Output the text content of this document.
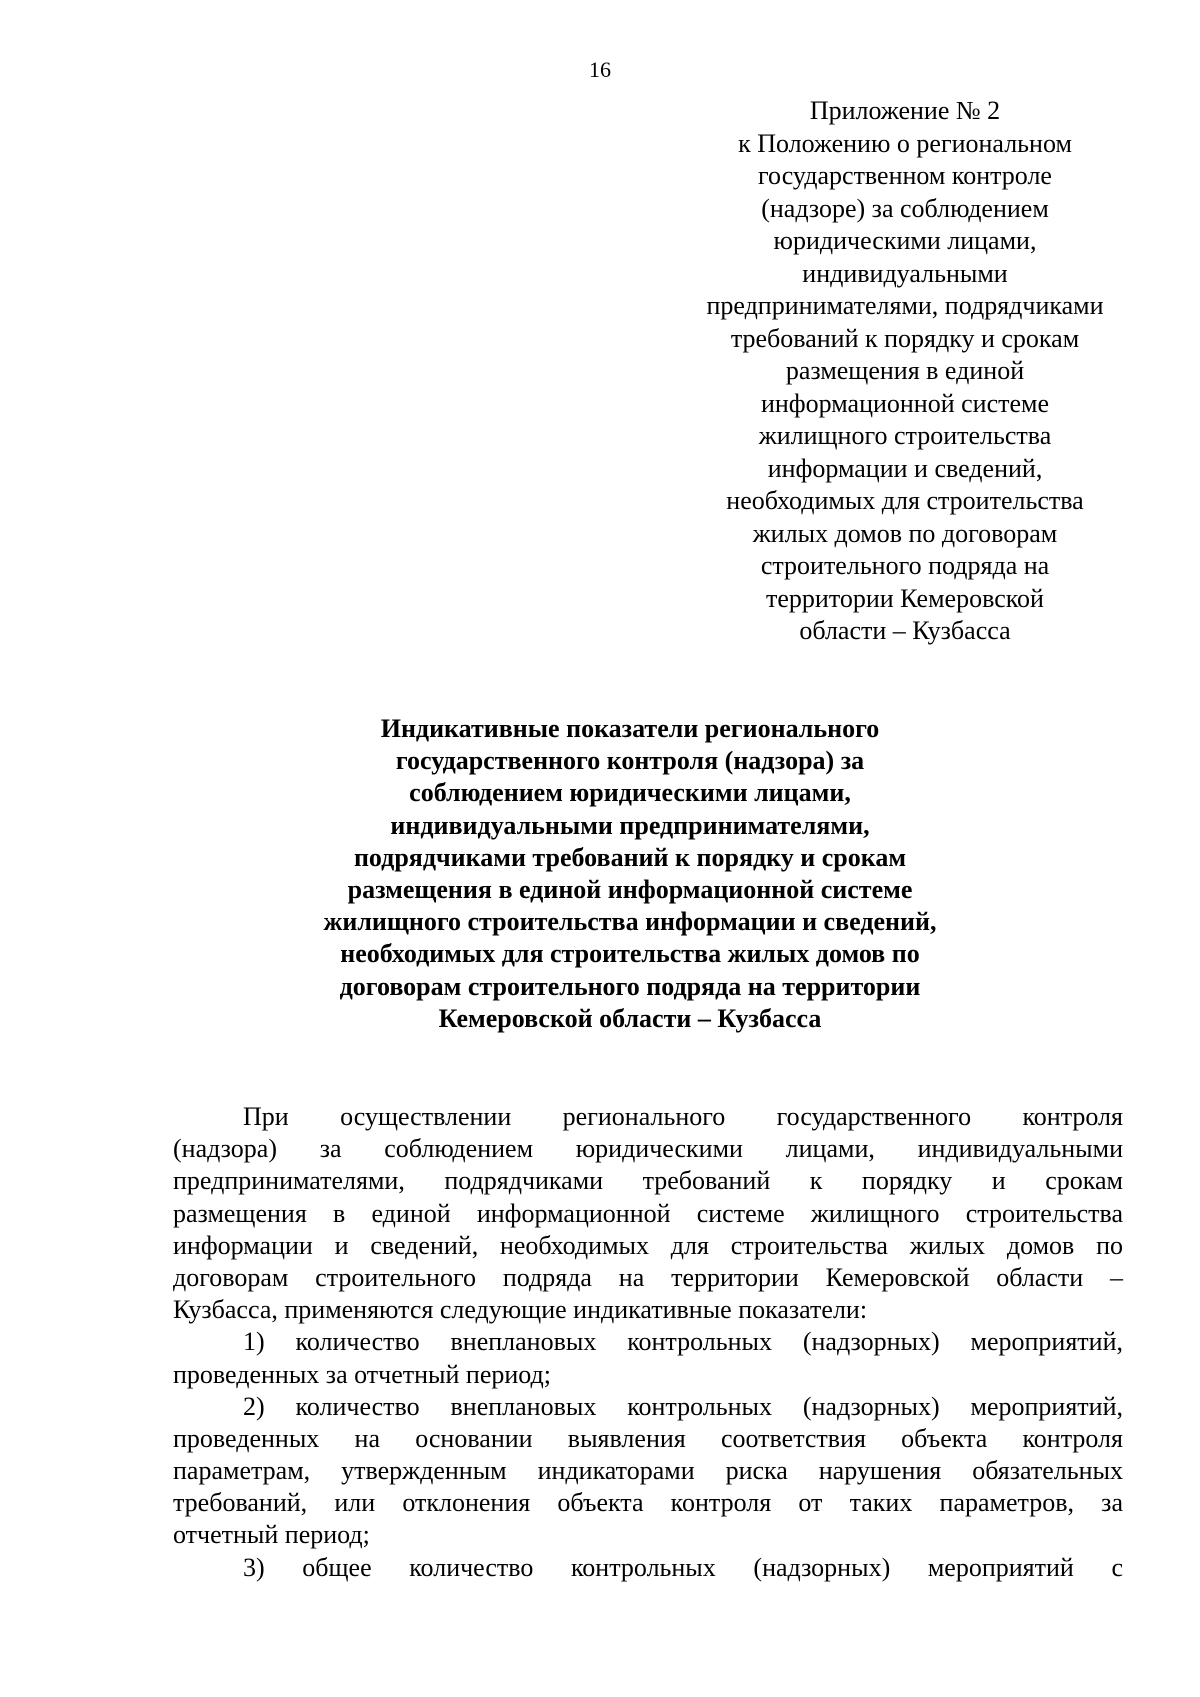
16
Приложение № 2
к Положению о региональном
государственном контроле
(надзоре) за соблюдением
юридическими лицами,
индивидуальными
предпринимателями, подрядчиками
требований к порядку и срокам
размещения в единой
информационной системе
жилищного строительства
информации и сведений,
необходимых для строительства
жилых домов по договорам
строительного подряда на
территории Кемеровской
области – Кузбасса
Индикативные показатели регионального
государственного контроля (надзора) за
соблюдением юридическими лицами,
индивидуальными предпринимателями,
подрядчиками требований к порядку и срокам
размещения в единой информационной системе
жилищного строительства информации и сведений,
необходимых для строительства жилых домов по
договорам строительного подряда на территории
Кемеровской области – Кузбасса
При осуществлении регионального государственного контроля
(надзора) за соблюдением юридическими лицами, индивидуальными
предпринимателями, подрядчиками требований к порядку и срокам
размещения в единой информационной системе жилищного строительства
информации и сведений, необходимых для строительства жилых домов по
договорам строительного подряда на территории Кемеровской области –
Кузбасса, применяются следующие индикативные показатели:
1) количество внеплановых контрольных (надзорных) мероприятий,
проведенных за отчетный период;
2) количество внеплановых контрольных (надзорных) мероприятий,
проведенных на основании выявления соответствия объекта контроля
параметрам, утвержденным индикаторами риска нарушения обязательных
требований, или отклонения объекта контроля от таких параметров, за
отчетный период;
3) общее количество контрольных (надзорных) мероприятий с
